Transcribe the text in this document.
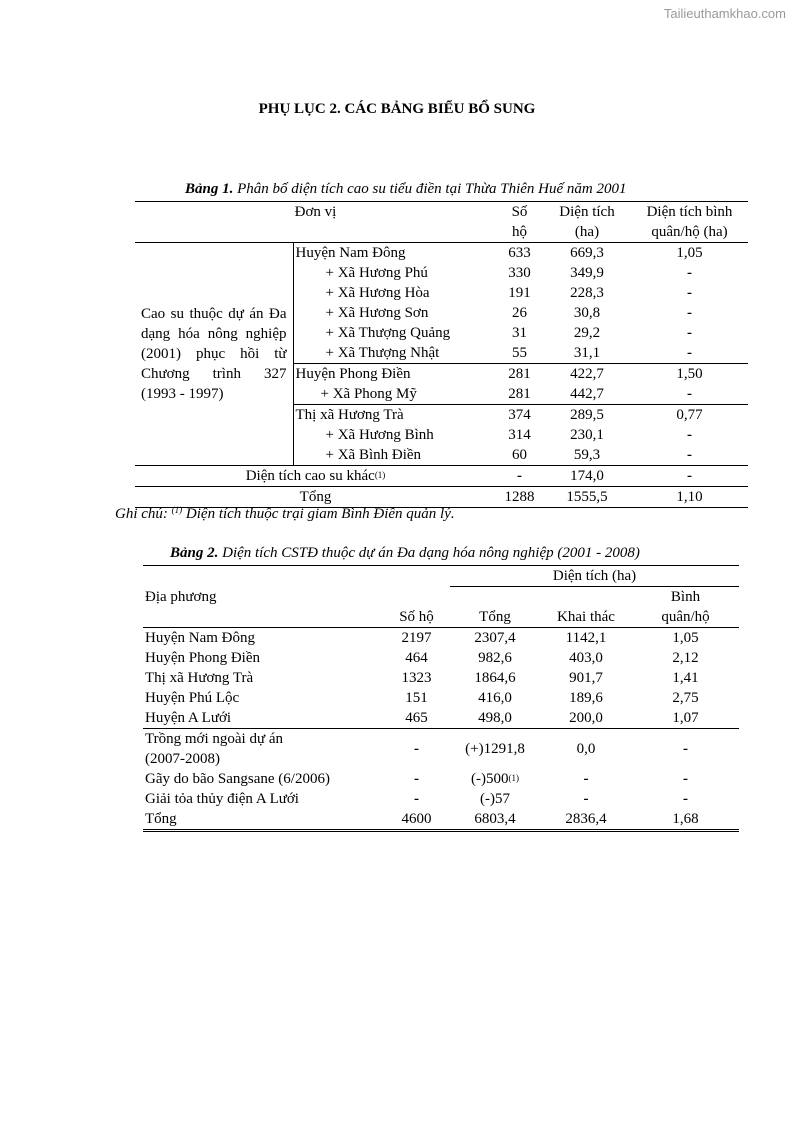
Tailieuthamkhao.com
PHỤ LỤC 2. CÁC BẢNG BIỂU BỔ SUNG
Bảng 1. Phân bố diện tích cao su tiểu điền tại Thừa Thiên Huế năm 2001
Đơn vị		Số	Diện tích	Diện tích bình
		hộ	(ha)	quân/hộ (ha)
Cao su thuộc dự án Đa dạng hóa nông nghiệp (2001) phục hồi từ Chương trình 327 (1993 - 1997)	Huyện Nam Đông	633	669,3	1,05
	+ Xã Hương Phú	330	349,9	-
	+ Xã Hương Hòa	191	228,3	-
	+ Xã Hương Sơn	26	30,8	-
	+ Xã Thượng Quảng	31	29,2	-
	+ Xã Thượng Nhật	55	31,1	-
	Huyện Phong Điền	281	422,7	1,50
	+ Xã Phong Mỹ	281	442,7	-
	Thị xã Hương Trà	374	289,5	0,77
	+ Xã Hương Bình	314	230,1	-
	+ Xã Bình Điền	60	59,3	-
Diện tích cao su khác$^{(1)}$		-	174,0	-
Tổng		1288	1555,5	1,10
Ghi chú: $^{(1)}$ Diện tích thuộc trại giam Bình Điền quản lý.
Bảng 2. Diện tích CSTĐ thuộc dự án Đa dạng hóa nông nghiệp (2001 - 2008)
		Diện tích (ha)		
Địa phương				Bình
	Số hộ	Tổng	Khai thác	quân/hộ
Huyện Nam Đông	2197	2307,4	1142,1	1,05
Huyện Phong Điền	464	982,6	403,0	2,12
Thị xã Hương Trà	1323	1864,6	901,7	1,41
Huyện Phú Lộc	151	416,0	189,6	2,75
Huyện A Lưới	465	498,0	200,0	1,07
Trồng mới ngoài dự án
(2007-2008)	-	(+)1291,8	0,0	-
Gãy do bão Sangsane (6/2006)	-	(-)500$^{(1)}$	-	-
Giải tỏa thủy điện A Lưới	-	(-)57	-	-
Tổng	4600	6803,4	2836,4	1,68
